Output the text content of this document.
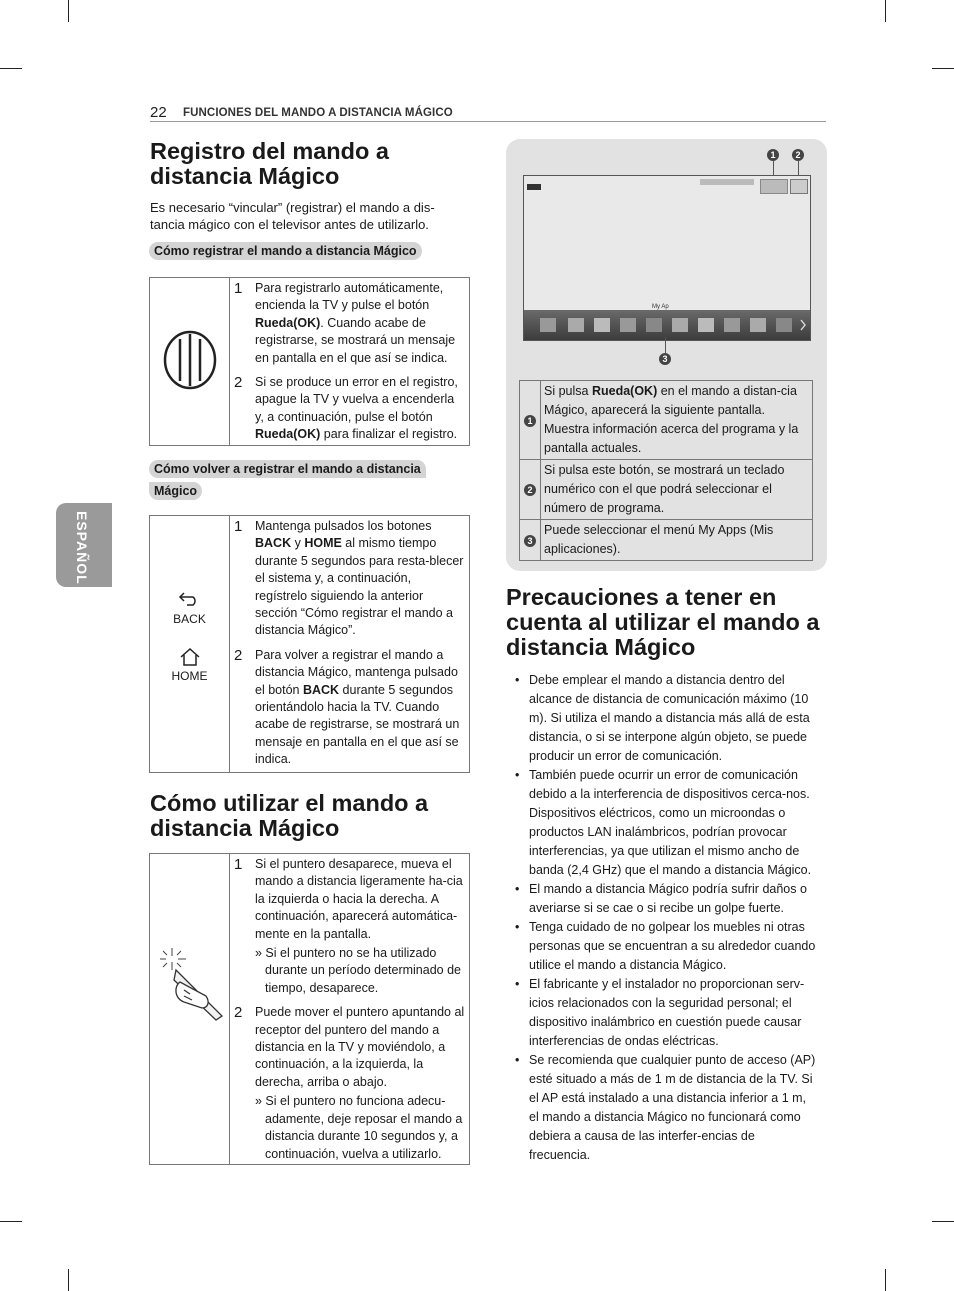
22 FUNCIONES DEL MANDO A DISTANCIA MÁGICO
ESPAÑOL
Registro del mando a
distancia Mágico
Es necesario “vincular” (registrar) el mando a dis-
tancia mágico con el televisor antes de utilizarlo.
Cómo registrar el mando a distancia Mágico
1	Para registrarlo automáticamente, encienda la TV y pulse el botón Rueda(OK). Cuando acabe de registrarse, se mostrará un mensaje en pantalla en el que así se indica.
2	Si se produce un error en el registro, apague la TV y vuelva a encenderla y, a continuación, pulse el botón Rueda(OK) para finalizar el registro.
Cómo volver a registrar el mando a distancia
Mágico
BACK
HOME
1	Mantenga pulsados los botones BACK y HOME al mismo tiempo durante 5 segundos para resta-blecer el sistema y, a continuación, regístrelo siguiendo la anterior sección “Cómo registrar el mando a distancia Mágico”.
2	Para volver a registrar el mando a distancia Mágico, mantenga pulsado el botón BACK durante 5 segundos orientándolo hacia la TV. Cuando acabe de registrarse, se mostrará un mensaje en pantalla en el que así se indica.
Cómo utilizar el mando a
distancia Mágico
1	Si el puntero desaparece, mueva el mando a distancia ligeramente ha-cia la izquierda o hacia la derecha. A continuación, aparecerá automática-mente en la pantalla.
» Si el puntero no se ha utilizado durante un período determinado de tiempo, desaparece.
2	Puede mover el puntero apuntando al receptor del puntero del mando a distancia en la TV y moviéndolo, a continuación, a la izquierda, la derecha, arriba o abajo.
» Si el puntero no funciona adecu-adamente, deje reposar el mando a distancia durante 10 segundos y, a continuación, vuelva a utilizarlo.
1	2
My Ap
3
1	Si pulsa Rueda(OK) en el mando a distan-cia Mágico, aparecerá la siguiente pantalla. Muestra información acerca del programa y la pantalla actuales.
2	Si pulsa este botón, se mostrará un teclado numérico con el que podrá seleccionar el número de programa.
3	Puede seleccionar el menú My Apps (Mis aplicaciones).
Precauciones a tener en
cuenta al utilizar el mando a
distancia Mágico
• Debe emplear el mando a distancia dentro del alcance de distancia de comunicación máximo (10 m). Si utiliza el mando a distancia más allá de esta distancia, o si se interpone algún objeto, se puede producir un error de comunicación.
• También puede ocurrir un error de comunicación debido a la interferencia de dispositivos cerca-nos. Dispositivos eléctricos, como un microondas o productos LAN inalámbricos, podrían provocar interferencias, ya que utilizan el mismo ancho de banda (2,4 GHz) que el mando a distancia Mágico.
• El mando a distancia Mágico podría sufrir daños o averiarse si se cae o si recibe un golpe fuerte.
• Tenga cuidado de no golpear los muebles ni otras personas que se encuentran a su alrededor cuando utilice el mando a distancia Mágico.
• El fabricante y el instalador no proporcionan serv-icios relacionados con la seguridad personal; el dispositivo inalámbrico en cuestión puede causar interferencias de ondas eléctricas.
• Se recomienda que cualquier punto de acceso (AP) esté situado a más de 1 m de distancia de la TV. Si el AP está instalado a una distancia inferior a 1 m, el mando a distancia Mágico no funcionará como debiera a causa de las interfer-encias de frecuencia.
